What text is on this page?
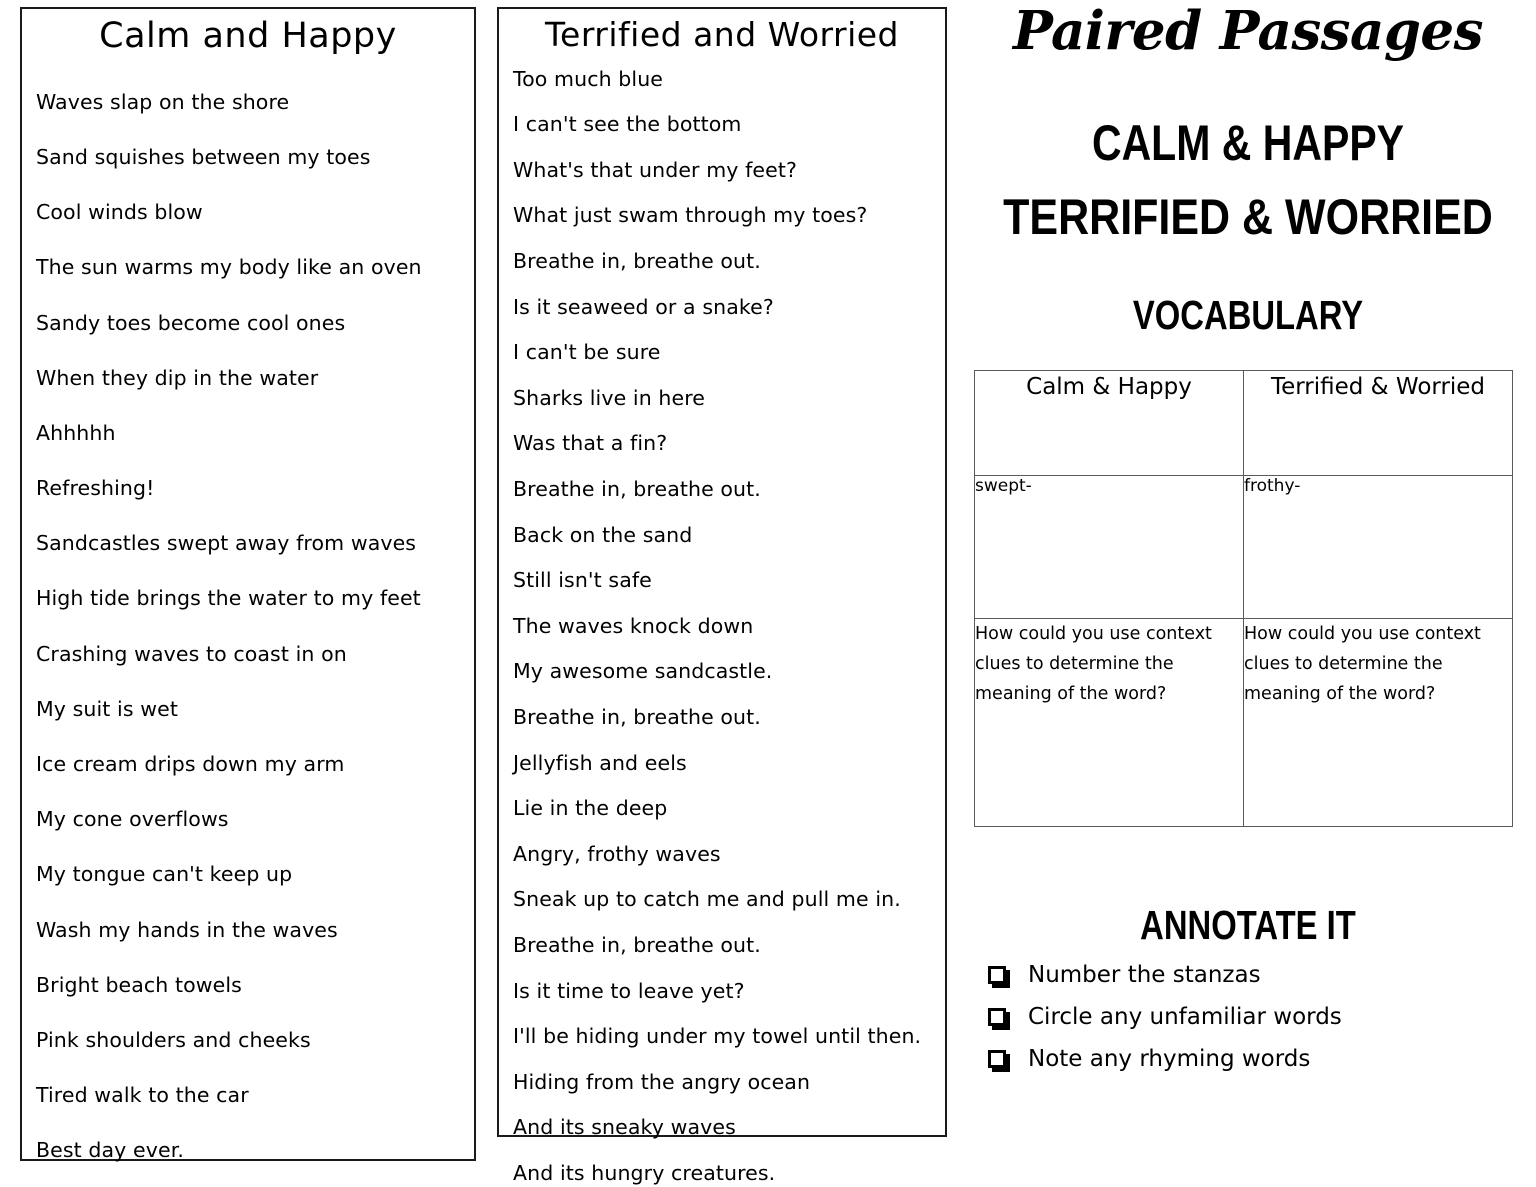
Calm and Happy
Waves slap on the shore
Sand squishes between my toes
Cool winds blow
The sun warms my body like an oven
Sandy toes become cool ones
When they dip in the water
Ahhhhh
Refreshing!
Sandcastles swept away from waves
High tide brings the water to my feet
Crashing waves to coast in on
My suit is wet
Ice cream drips down my arm
My cone overflows
My tongue can't keep up
Wash my hands in the waves
Bright beach towels
Pink shoulders and cheeks
Tired walk to the car
Best day ever.
Terrified and Worried
Too much blue
I can't see the bottom
What's that under my feet?
What just swam through my toes?
Breathe in, breathe out.
Is it seaweed or a snake?
I can't be sure
Sharks live in here
Was that a fin?
Breathe in, breathe out.
Back on the sand
Still isn't safe
The waves knock down
My awesome sandcastle.
Breathe in, breathe out.
Jellyfish and eels
Lie in the deep
Angry, frothy waves
Sneak up to catch me and pull me in.
Breathe in, breathe out.
Is it time to leave yet?
I'll be hiding under my towel until then.
Hiding from the angry ocean
And its sneaky waves
And its hungry creatures.
Paired Passages
CALM & HAPPY
TERRIFIED & WORRIED
VOCABULARY
Calm & Happy	Terrified & Worried

swept-	frothy-

How could you use context clues to determine the meaning of the word?	How could you use context clues to determine the meaning of the word?
ANNOTATE IT
Number the stanzas
Circle any unfamiliar words
Note any rhyming words
